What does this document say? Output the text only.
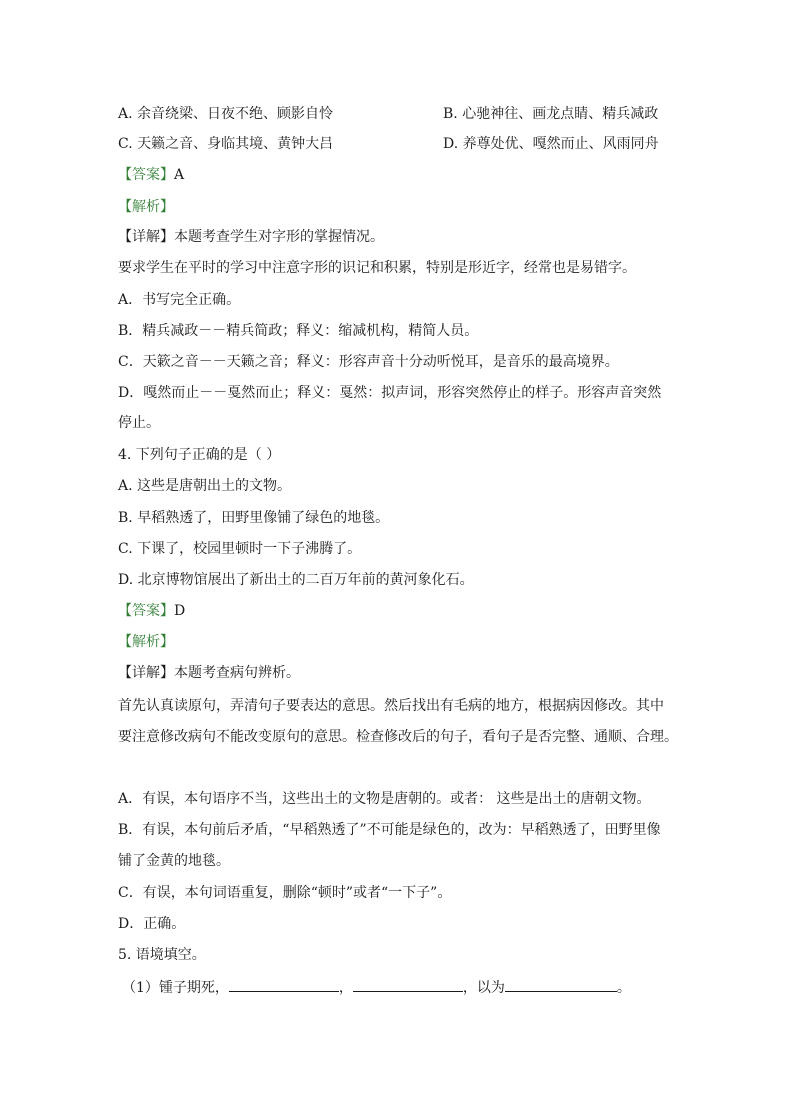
A. 余音绕梁、日夜不绝、顾影自怜	B. 心驰神往、画龙点睛、精兵减政
C. 天籁之音、身临其境、黄钟大吕	D. 养尊处优、嘎然而止、风雨同舟
【答案】A
【解析】
【详解】本题考查学生对字形的掌握情况。
要求学生在平时的学习中注意字形的识记和积累，特别是形近字，经常也是易错字。
A．书写完全正确。
B．精兵减政－－精兵简政；释义：缩减机构，精简人员。
C．天簌之音－－天籁之音；释义：形容声音十分动听悦耳，是音乐的最高境界。
D．嘎然而止－－戛然而止；释义：戛然：拟声词，形容突然停止的样子。形容声音突然
停止。
4. 下列句子正确的是（ ）
A. 这些是唐朝出土的文物。
B. 早稻熟透了，田野里像铺了绿色的地毯。
C. 下课了，校园里顿时一下子沸腾了。
D. 北京博物馆展出了新出土的二百万年前的黄河象化石。
【答案】D
【解析】
【详解】本题考查病句辨析。
首先认真读原句，弄清句子要表达的意思。然后找出有毛病的地方，根据病因修改。其中
要注意修改病句不能改变原句的意思。检查修改后的句子，看句子是否完整、通顺、合理。
A．有误，本句语序不当，这些出土的文物是唐朝的。或者： 这些是出土的唐朝文物。
B．有误，本句前后矛盾，“早稻熟透了”不可能是绿色的，改为：早稻熟透了，田野里像
铺了金黄的地毯。
C．有误，本句词语重复，删除“顿时”或者“一下子”。
D．正确。
5. 语境填空。
（1）锺子期死，	，	，以为	。
